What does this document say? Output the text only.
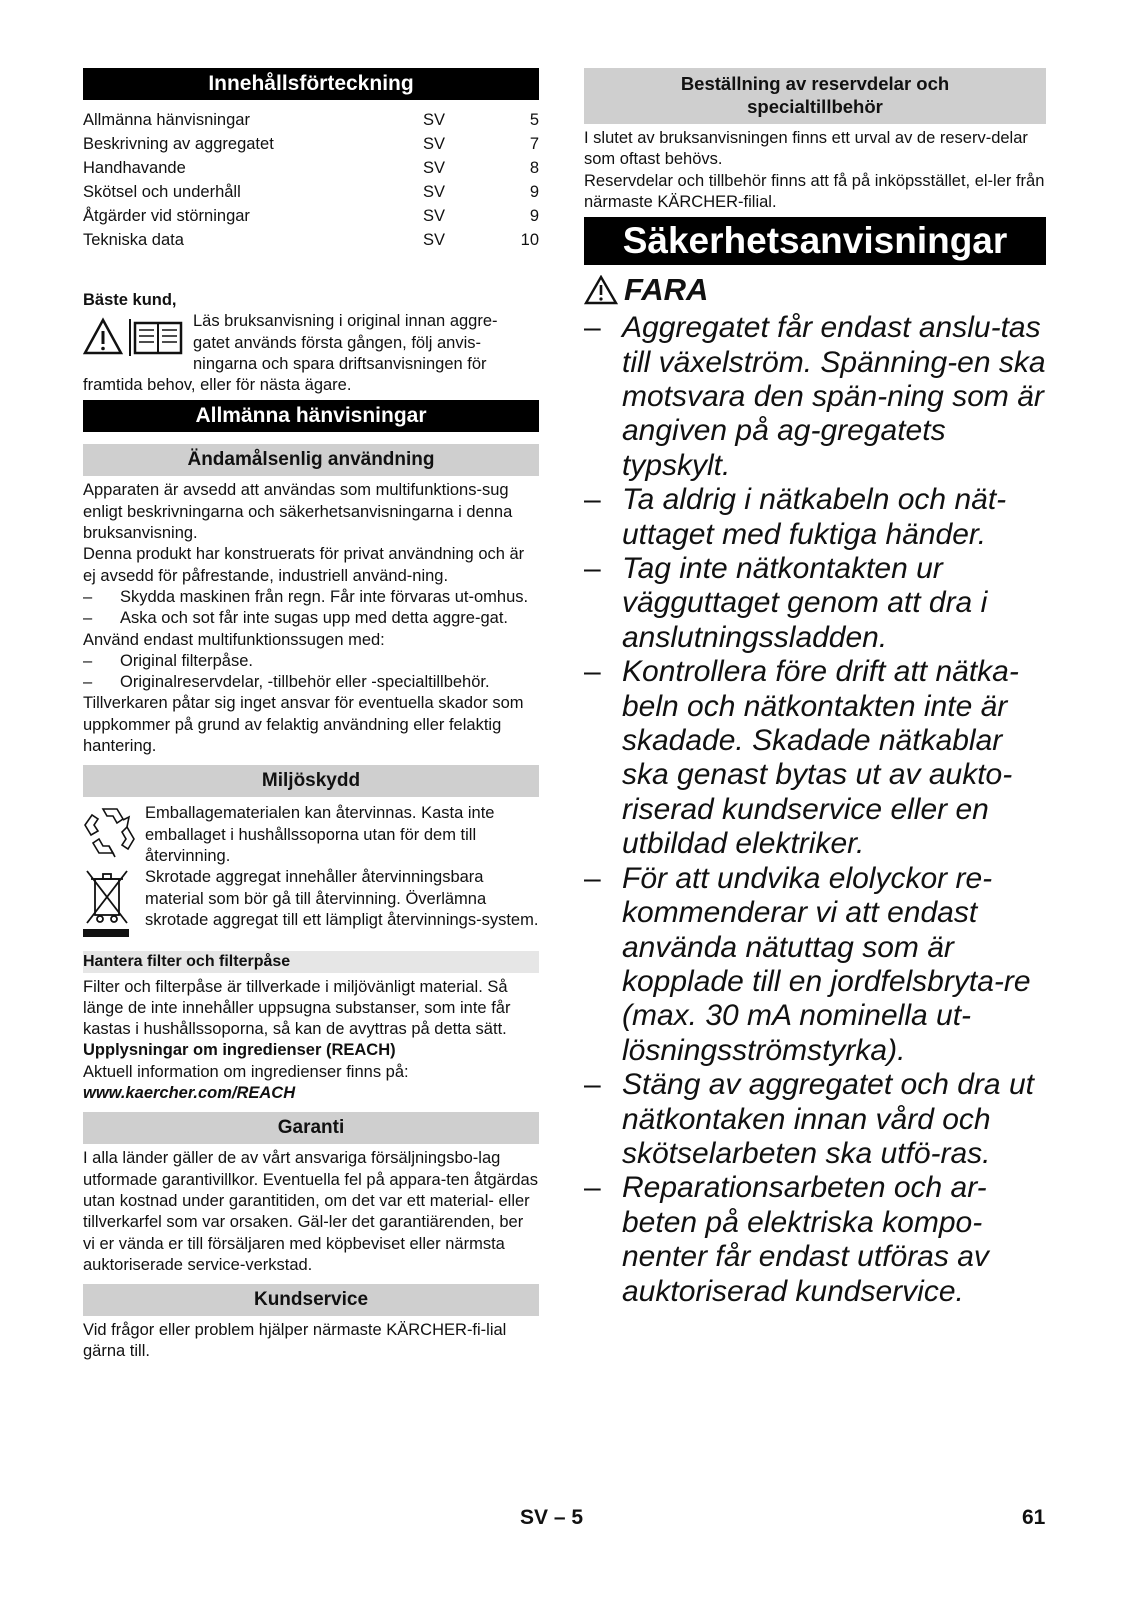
Innehållsförteckning
Allmänna hänvisningar	SV	5
Beskrivning av aggregatet	SV	7
Handhavande	SV	8
Skötsel och underhåll	SV	9
Åtgärder vid störningar	SV	9
Tekniska data	SV	10

Bäste kund,

Läs bruksanvisning i original innan aggre-

gatet används första gången, följ anvis-

ningarna och spara driftsanvisningen för

framtida behov, eller för nästa ägare.

Allmänna hänvisningar
Ändamålsenlig användning

Apparaten är avsedd att användas som multifunktions-sug enligt beskrivningarna och säkerhetsanvisningarna i denna bruksanvisning.

Denna produkt har konstruerats för privat användning och är ej avsedd för påfrestande, industriell använd-ning.

–	Skydda maskinen från regn. Får inte förvaras ut-omhus.
–	Aska och sot får inte sugas upp med detta aggre-gat.

Använd endast multifunktionssugen med:

–	Original filterpåse.
–	Originalreservdelar, -tillbehör eller -specialtillbehör.

Tillverkaren påtar sig inget ansvar för eventuella skador som uppkommer på grund av felaktig användning eller felaktig hantering.

Miljöskydd
Emballagematerialen kan återvinnas. Kasta inte emballaget i hushållssoporna utan för dem till återvinning.
Skrotade aggregat innehåller återvinningsbara material som bör gå till återvinning. Överlämna skrotade aggregat till ett lämpligt återvinnings-system.
Hantera filter och filterpåse

Filter och filterpåse är tillverkade i miljövänligt material. Så länge de inte innehåller uppsugna substanser, som inte får kastas i hushållssoporna, så kan de avyttras på detta sätt.

Upplysningar om ingredienser (REACH)

Aktuell information om ingredienser finns på:

www.kaercher.com/REACH

Garanti
I alla länder gäller de av vårt ansvariga försäljningsbo-lag utformade garantivillkor. Eventuella fel på appara-ten åtgärdas utan kostnad under garantitiden, om det var ett material- eller tillverkarfel som var orsaken. Gäl-ler det garantiärenden, ber vi er vända er till försäljaren med köpbeviset eller närmsta auktoriserade service-verkstad.
Kundservice
Vid frågor eller problem hjälper närmaste KÄRCHER-fi-lial gärna till.
Beställning av reservdelar och
specialtillbehör

I slutet av bruksanvisningen finns ett urval av de reserv-delar som oftast behövs.

Reservdelar och tillbehör finns att få på inköpsstället, el-ler från närmaste KÄRCHER-filial.

Säkerhetsanvisningar
FARA
– Aggregatet får endast anslu-tas till växelström. Spänning-en ska motsvara den spän-ning som är angiven på ag-gregatets typskylt.
– Ta aldrig i nätkabeln och nät-uttaget med fuktiga händer.
– Tag inte nätkontakten ur vägguttaget genom att dra i anslutningssladden.
– Kontrollera före drift att nätka-beln och nätkontakten inte är skadade. Skadade nätkablar ska genast bytas ut av aukto-riserad kundservice eller en utbildad elektriker.
– För att undvika elolyckor re-kommenderar vi att endast använda nätuttag som är kopplade till en jordfelsbryta-re (max. 30 mA nominella ut-lösningsströmstyrka).
– Stäng av aggregatet och dra ut nätkontaken innan vård och skötselarbeten ska utfö-ras.
– Reparationsarbeten och ar-beten på elektriska kompo-nenter får endast utföras av auktoriserad kundservice.
SV – 5	61
